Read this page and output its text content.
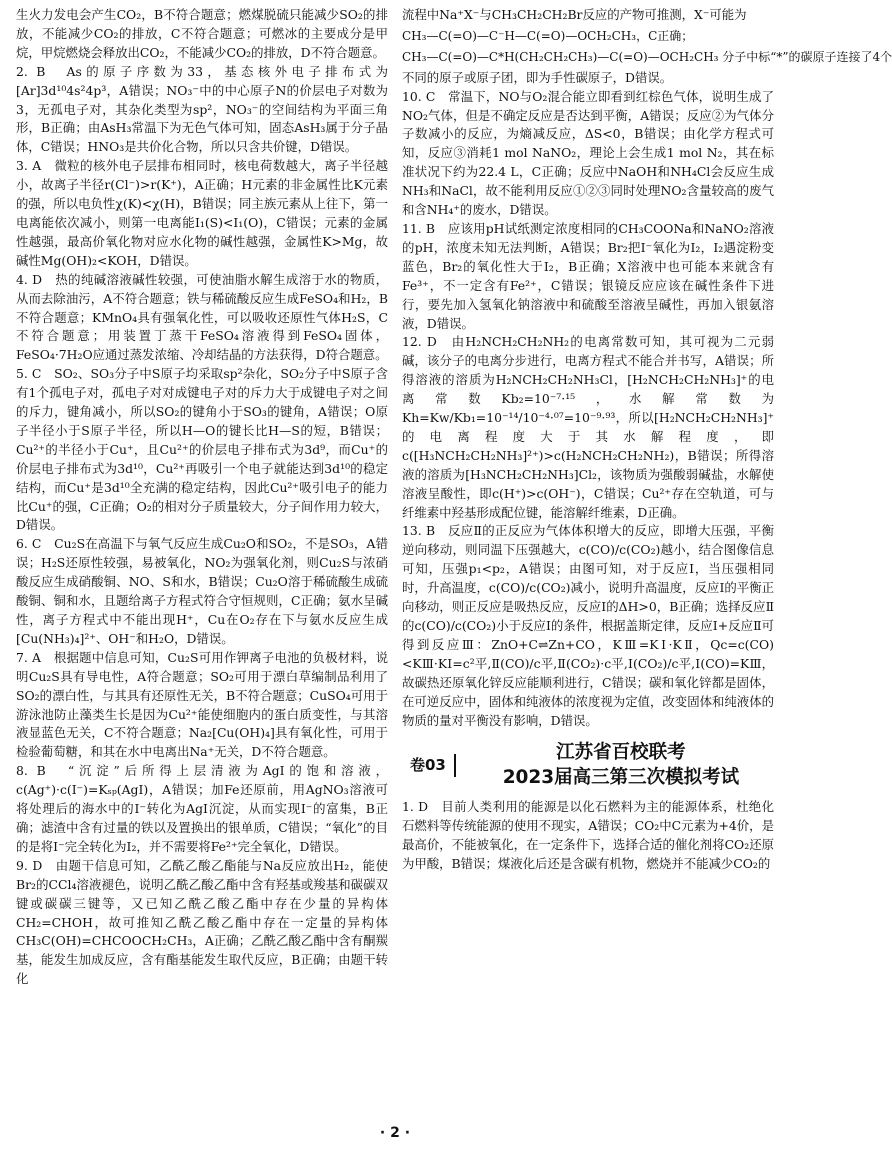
生火力发电会产生CO₂，B不符合题意；燃煤脱硫只能减少SO₂的排放，不能减少CO₂的排放，C不符合题意；可燃冰的主要成分是甲烷，甲烷燃烧会释放出CO₂，不能减少CO₂的排放，D不符合题意。

2. B　As的原子序数为33，基态核外电子排布式为[Ar]3d¹⁰4s²4p³，A错误；NO₃⁻中的中心原子N的价层电子对数为3，无孤电子对，其杂化类型为sp²，NO₃⁻的空间结构为平面三角形，B正确；由AsH₃常温下为无色气体可知，固态AsH₃属于分子晶体，C错误；HNO₃是共价化合物，所以只含共价键，D错误。

3. A　微粒的核外电子层排布相同时，核电荷数越大，离子半径越小，故离子半径r(Cl⁻)>r(K⁺)，A正确；H元素的非金属性比K元素的强，所以电负性χ(K)<χ(H)，B错误；同主族元素从上往下，第一电离能依次减小，则第一电离能I₁(S)<I₁(O)，C错误；元素的金属性越强，最高价氧化物对应水化物的碱性越强，金属性K>Mg，故碱性Mg(OH)₂<KOH，D错误。

4. D　热的纯碱溶液碱性较强，可使油脂水解生成溶于水的物质，从而去除油污，A不符合题意；铁与稀硫酸反应生成FeSO₄和H₂，B不符合题意；KMnO₄具有强氧化性，可以吸收还原性气体H₂S，C不符合题意；用装置丁蒸干FeSO₄溶液得到FeSO₄固体，FeSO₄·7H₂O应通过蒸发浓缩、冷却结晶的方法获得，D符合题意。

5. C　SO₂、SO₃分子中S原子均采取sp²杂化，SO₂分子中S原子含有1个孤电子对，孤电子对对成键电子对的斥力大于成键电子对之间的斥力，键角减小，所以SO₂的键角小于SO₃的键角，A错误；O原子半径小于S原子半径，所以H—O的键长比H—S的短，B错误；Cu²⁺的半径小于Cu⁺，且Cu²⁺的价层电子排布式为3d⁹，而Cu⁺的价层电子排布式为3d¹⁰，Cu²⁺再吸引一个电子就能达到3d¹⁰的稳定结构，而Cu⁺是3d¹⁰全充满的稳定结构，因此Cu²⁺吸引电子的能力比Cu⁺的强，C正确；O₂的相对分子质量较大，分子间作用力较大，D错误。

6. C　Cu₂S在高温下与氧气反应生成Cu₂O和SO₂，不是SO₃，A错误；H₂S还原性较强，易被氧化，NO₂为强氧化剂，则Cu₂S与浓硝酸反应生成硝酸铜、NO、S和水，B错误；Cu₂O溶于稀硫酸生成硫酸铜、铜和水，且题给离子方程式符合守恒规则，C正确；氨水呈碱性，离子方程式中不能出现H⁺，Cu在O₂存在下与氨水反应生成[Cu(NH₃)₄]²⁺、OH⁻和H₂O，D错误。

7. A　根据题中信息可知，Cu₂S可用作钾离子电池的负极材料，说明Cu₂S具有导电性，A符合题意；SO₂可用于漂白草编制品利用了SO₂的漂白性，与其具有还原性无关，B不符合题意；CuSO₄可用于游泳池防止藻类生长是因为Cu²⁺能使细胞内的蛋白质变性，与其溶液显蓝色无关，C不符合题意；Na₂[Cu(OH)₄]具有氧化性，可用于检验葡萄糖，和其在水中电离出Na⁺无关，D不符合题意。

8. B　“沉淀”后所得上层清液为AgI的饱和溶液，c(Ag⁺)·c(I⁻)=Kₛₚ(AgI)，A错误；加Fe还原前，用AgNO₃溶液可将处理后的海水中的I⁻转化为AgI沉淀，从而实现I⁻的富集，B正确；滤渣中含有过量的铁以及置换出的银单质，C错误；“氧化”的目的是将I⁻完全转化为I₂，并不需要将Fe²⁺完全氧化，D错误。

9. D　由题干信息可知，乙酰乙酸乙酯能与Na反应放出H₂，能使Br₂的CCl₄溶液褪色，说明乙酰乙酸乙酯中含有羟基或羧基和碳碳双键或碳碳三键等，又已知乙酰乙酸乙酯中存在少量的异构体CH₂=CHOH，故可推知乙酰乙酸乙酯中存在一定量的异构体CH₃C(OH)=CHCOOCH₂CH₃，A正确；乙酰乙酸乙酯中含有酮羰基，能发生加成反应，含有酯基能发生取代反应，B正确；由题干转化

流程中Na⁺X⁻与CH₃CH₂CH₂Br反应的产物可推测，X⁻可能为

CH₃—C(=O)—C⁻H—C(=O)—OCH₂CH₃，C正确；
CH₃—C(=O)—C*H(CH₂CH₂CH₃)—C(=O)—OCH₂CH₃ 分子中标“*”的碳原子连接了4个

不同的原子或原子团，即为手性碳原子，D错误。

10. C　常温下，NO与O₂混合能立即看到红棕色气体，说明生成了NO₂气体，但是不确定反应是否达到平衡，A错误；反应②为气体分子数减小的反应，为熵减反应，ΔS<0，B错误；由化学方程式可知，反应③消耗1 mol NaNO₂，理论上会生成1 mol N₂，其在标准状况下约为22.4 L，C正确；反应中NaOH和NH₄Cl会反应生成NH₃和NaCl，故不能利用反应①②③同时处理NO₂含量较高的废气和含NH₄⁺的废水，D错误。

11. B　应该用pH试纸测定浓度相同的CH₃COONa和NaNO₂溶液的pH，浓度未知无法判断，A错误；Br₂把I⁻氧化为I₂，I₂遇淀粉变蓝色，Br₂的氧化性大于I₂，B正确；X溶液中也可能本来就含有Fe³⁺，不一定含有Fe²⁺，C错误；银镜反应应该在碱性条件下进行，要先加入氢氧化钠溶液中和硫酸至溶液呈碱性，再加入银氨溶液，D错误。

12. D　由H₂NCH₂CH₂NH₂的电离常数可知，其可视为二元弱碱，该分子的电离分步进行，电离方程式不能合并书写，A错误；所得溶液的溶质为H₂NCH₂CH₂NH₃Cl，[H₂NCH₂CH₂NH₃]⁺的电离常数Kb₂=10⁻⁷·¹⁵，水解常数为Kh=Kw/Kb₁=10⁻¹⁴/10⁻⁴·⁰⁷=10⁻⁹·⁹³，所以[H₂NCH₂CH₂NH₃]⁺的电离程度大于其水解程度，即c([H₃NCH₂CH₂NH₃]²⁺)>c(H₂NCH₂CH₂NH₂)，B错误；所得溶液的溶质为[H₃NCH₂CH₂NH₃]Cl₂，该物质为强酸弱碱盐，水解使溶液呈酸性，即c(H⁺)>c(OH⁻)，C错误；Cu²⁺存在空轨道，可与纤维素中羟基形成配位键，能溶解纤维素，D正确。

13. B　反应Ⅱ的正反应为气体体积增大的反应，即增大压强，平衡逆向移动，则同温下压强越大，c(CO)/c(CO₂)越小，结合图像信息可知，压强p₁<p₂，A错误；由图可知，对于反应Ⅰ，当压强相同时，升高温度，c(CO)/c(CO₂)减小，说明升高温度，反应Ⅰ的平衡正向移动，则正反应是吸热反应，反应Ⅰ的ΔH>0，B正确；选择反应Ⅱ的c(CO)/c(CO₂)小于反应Ⅰ的条件，根据盖斯定律，反应Ⅰ+反应Ⅱ可得到反应Ⅲ：ZnO+C⇌Zn+CO，KⅢ=KⅠ·KⅡ，Qc=c(CO)<KⅢ·KⅠ=c²平,Ⅱ(CO)/c平,Ⅱ(CO₂)·c平,Ⅰ(CO₂)/c平,Ⅰ(CO)=KⅢ，故碳热还原氧化锌反应能顺利进行，C错误；碳和氧化锌都是固体，在可逆反应中，固体和纯液体的浓度视为定值，改变固体和纯液体的物质的量对平衡没有影响，D错误。

卷03
江苏省百校联考
2023届高三第三次模拟考试

1. D　目前人类利用的能源是以化石燃料为主的能源体系，杜绝化石燃料等传统能源的使用不现实，A错误；CO₂中C元素为+4价，是最高价，不能被氧化，在一定条件下，选择合适的催化剂将CO₂还原为甲酸，B错误；煤液化后还是含碳有机物，燃烧并不能减少CO₂的

· 2 ·
